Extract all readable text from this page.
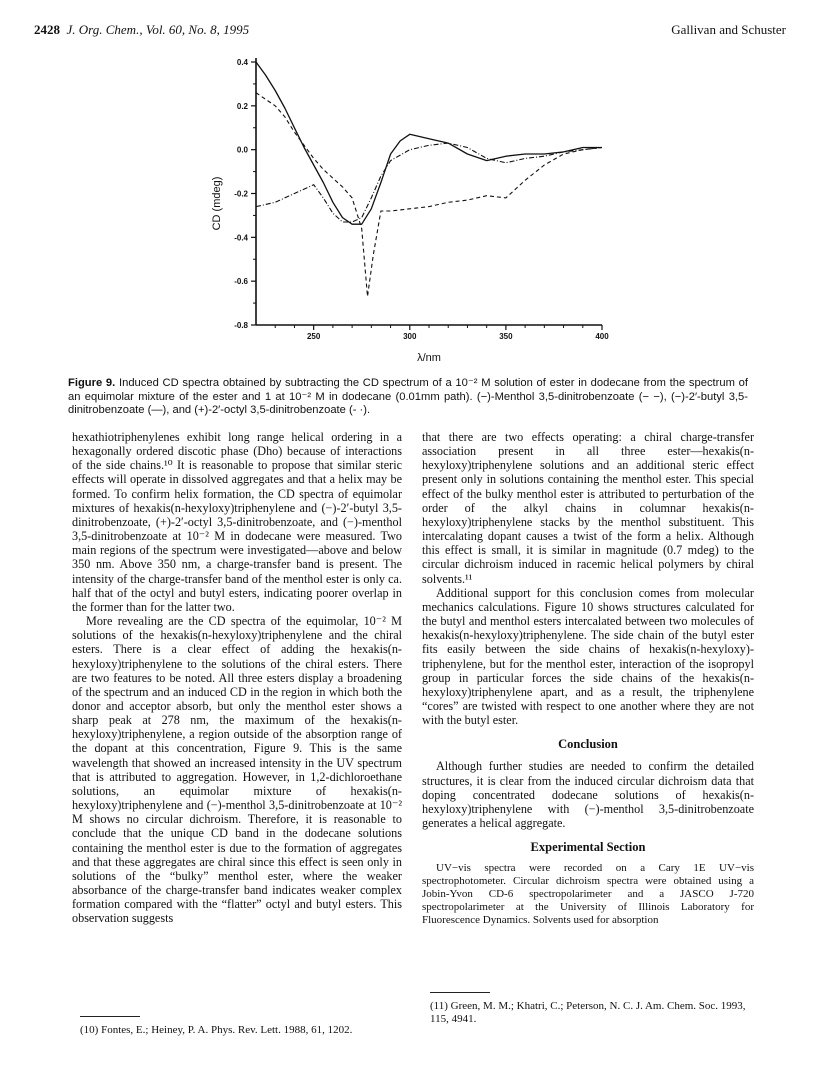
2428 J. Org. Chem., Vol. 60, No. 8, 1995	Gallivan and Schuster
0.4
0.2
0.0
-0.2
-0.4
-0.6
-0.8
250	300	350	400
λ/nm
CD (mdeg)
Figure 9. Induced CD spectra obtained by subtracting the CD spectrum of a 10⁻² M solution of ester in dodecane from the spectrum of an equimolar mixture of the ester and 1 at 10⁻² M in dodecane (0.01mm path). (−)-Menthol 3,5-dinitrobenzoate (− −), (−)-2′-butyl 3,5-dinitrobenzoate (—), and (+)-2′-octyl 3,5-dinitrobenzoate (- ·).

hexathiotriphenylenes exhibit long range helical ordering in a hexagonally ordered discotic phase (Dho) because of interactions of the side chains.¹⁰ It is reasonable to propose that similar steric effects will operate in dissolved aggregates and that a helix may be formed. To confirm helix formation, the CD spectra of equimolar mixtures of hexakis(n-hexyloxy)triphenylene and (−)-2′-butyl 3,5-dinitrobenzoate, (+)-2′-octyl 3,5-dinitrobenzoate, and (−)-menthol 3,5-dinitrobenzoate at 10⁻² M in dodecane were measured. Two main regions of the spectrum were investigated—above and below 350 nm. Above 350 nm, a charge-transfer band is present. The intensity of the charge-transfer band of the menthol ester is only ca. half that of the octyl and butyl esters, indicating poorer overlap in the former than for the latter two.

More revealing are the CD spectra of the equimolar, 10⁻² M solutions of the hexakis(n-hexyloxy)triphenylene and the chiral esters. There is a clear effect of adding the hexakis(n-hexyloxy)triphenylene to the solutions of the chiral esters. There are two features to be noted. All three esters display a broadening of the spectrum and an induced CD in the region in which both the donor and acceptor absorb, but only the menthol ester shows a sharp peak at 278 nm, the maximum of the hexakis(n-hexyloxy)triphenylene, a region outside of the absorption range of the dopant at this concentration, Figure 9. This is the same wavelength that showed an increased intensity in the UV spectrum that is attributed to aggregation. However, in 1,2-dichloroethane solutions, an equimolar mixture of hexakis(n-hexyloxy)triphenylene and (−)-menthol 3,5-dinitrobenzoate at 10⁻² M shows no circular dichroism. Therefore, it is reasonable to conclude that the unique CD band in the dodecane solutions containing the menthol ester is due to the formation of aggregates and that these aggregates are chiral since this effect is seen only in solutions of the “bulky” menthol ester, where the weaker absorbance of the charge-transfer band indicates weaker complex formation compared with the “flatter” octyl and butyl esters. This observation suggests

that there are two effects operating: a chiral charge-transfer association present in all three ester—hexakis(n-hexyloxy)triphenylene solutions and an additional steric effect present only in solutions containing the menthol ester. This special effect of the bulky menthol ester is attributed to perturbation of the order of the alkyl chains in columnar hexakis(n-hexyloxy)triphenylene stacks by the menthol substituent. This intercalating dopant causes a twist of the form a helix. Although this effect is small, it is similar in magnitude (0.7 mdeg) to the circular dichroism induced in racemic helical polymers by chiral solvents.¹¹

Additional support for this conclusion comes from molecular mechanics calculations. Figure 10 shows structures calculated for the butyl and menthol esters intercalated between two molecules of hexakis(n-hexyloxy)triphenylene. The side chain of the butyl ester fits easily between the side chains of hexakis(n-hexyloxy)-triphenylene, but for the menthol ester, interaction of the isopropyl group in particular forces the side chains of the hexakis(n-hexyloxy)triphenylene apart, and as a result, the triphenylene “cores” are twisted with respect to one another where they are not with the butyl ester.

Conclusion

Although further studies are needed to confirm the detailed structures, it is clear from the induced circular dichroism data that doping concentrated dodecane solutions of hexakis(n-hexyloxy)triphenylene with (−)-menthol 3,5-dinitrobenzoate generates a helical aggregate.

Experimental Section

UV−vis spectra were recorded on a Cary 1E UV−vis spectrophotometer. Circular dichroism spectra were obtained using a Jobin-Yvon CD-6 spectropolarimeter and a JASCO J-720 spectropolarimeter at the University of Illinois Laboratory for Fluorescence Dynamics. Solvents used for absorption

(10) Fontes, E.; Heiney, P. A. Phys. Rev. Lett. 1988, 61, 1202.
(11) Green, M. M.; Khatri, C.; Peterson, N. C. J. Am. Chem. Soc. 1993, 115, 4941.
